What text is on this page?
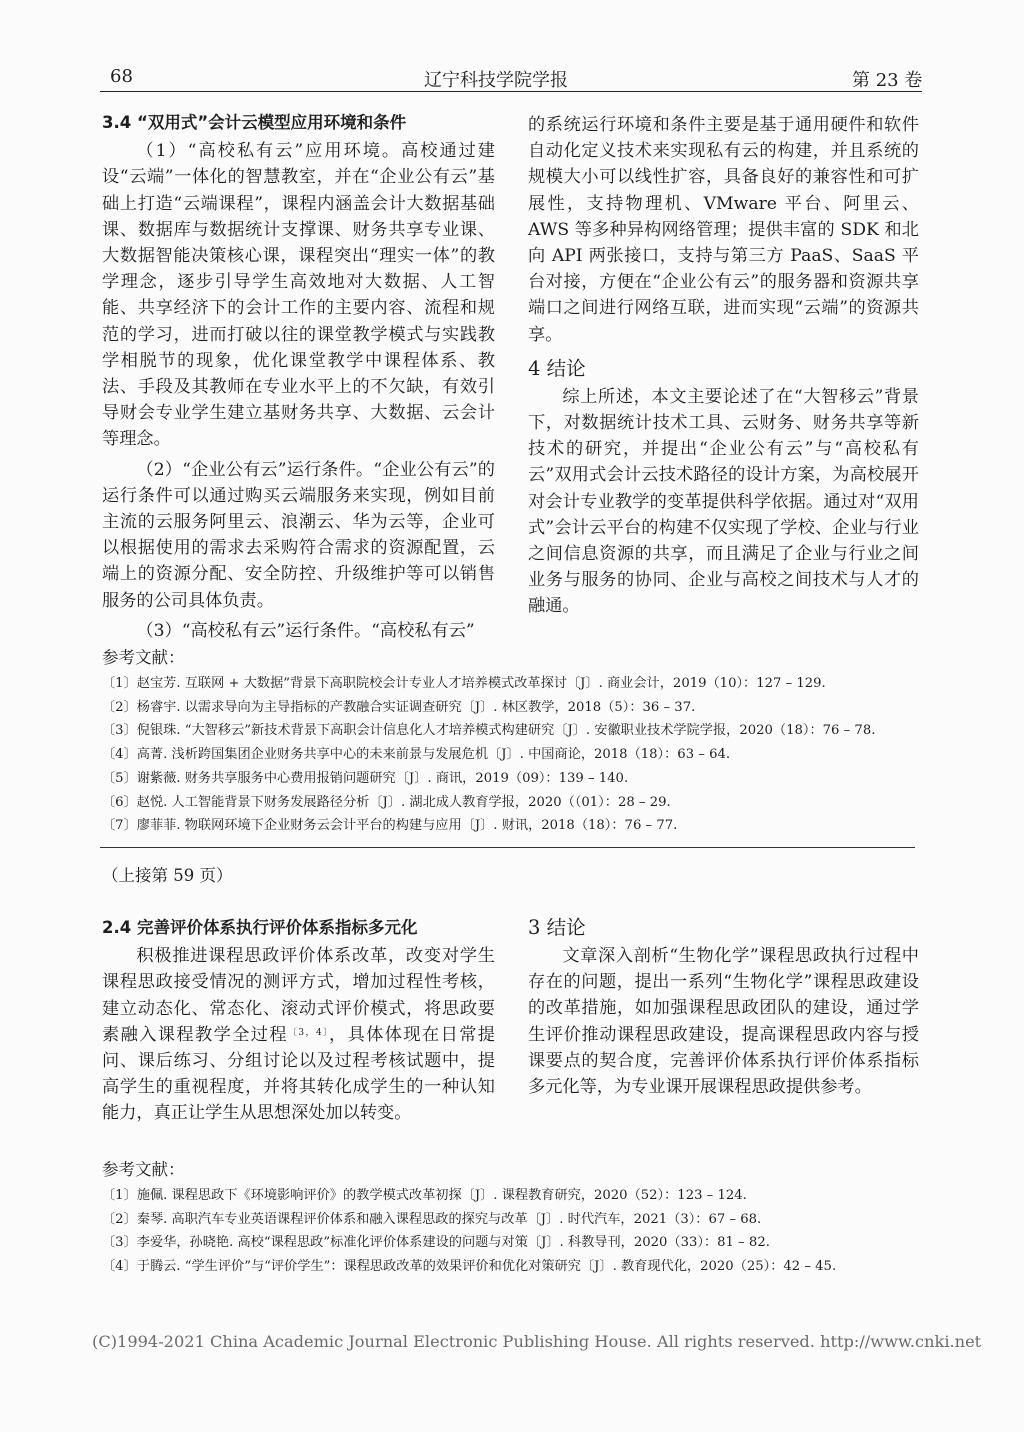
68	辽宁科技学院学报	第 23 卷
3.4 “双用式”会计云模型应用环境和条件

（1）“高校私有云”应用环境。高校通过建设“云端”一体化的智慧教室，并在“企业公有云”基础上打造“云端课程”，课程内涵盖会计大数据基础课、数据库与数据统计支撑课、财务共享专业课、大数据智能决策核心课，课程突出“理实一体”的教学理念，逐步引导学生高效地对大数据、人工智能、共享经济下的会计工作的主要内容、流程和规范的学习，进而打破以往的课堂教学模式与实践教学相脱节的现象，优化课堂教学中课程体系、教法、手段及其教师在专业水平上的不欠缺，有效引导财会专业学生建立基财务共享、大数据、云会计等理念。

（2）“企业公有云”运行条件。“企业公有云”的运行条件可以通过购买云端服务来实现，例如目前主流的云服务阿里云、浪潮云、华为云等，企业可以根据使用的需求去采购符合需求的资源配置，云端上的资源分配、安全防控、升级维护等可以销售服务的公司具体负责。

（3）“高校私有云”运行条件。“高校私有云”

的系统运行环境和条件主要是基于通用硬件和软件自动化定义技术来实现私有云的构建，并且系统的规模大小可以线性扩容，具备良好的兼容性和可扩展性，支持物理机、VMware 平台、阿里云、AWS 等多种异构网络管理；提供丰富的 SDK 和北向 API 两张接口，支持与第三方 PaaS、SaaS 平台对接，方便在“企业公有云”的服务器和资源共享端口之间进行网络互联，进而实现“云端”的资源共享。

4 结论

综上所述，本文主要论述了在“大智移云”背景下，对数据统计技术工具、云财务、财务共享等新技术的研究，并提出“企业公有云”与“高校私有云”双用式会计云技术路径的设计方案，为高校展开对会计专业教学的变革提供科学依据。通过对“双用式”会计云平台的构建不仅实现了学校、企业与行业之间信息资源的共享，而且满足了企业与行业之间业务与服务的协同、企业与高校之间技术与人才的融通。

参考文献：
〔1〕赵宝芳. 互联网 + 大数据”背景下高职院校会计专业人才培养模式改革探讨〔J〕. 商业会计，2019（10）：127 – 129.
〔2〕杨睿宇. 以需求导向为主导指标的产教融合实证调查研究〔J〕. 林区教学，2018（5）：36 – 37.
〔3〕倪银珠. “大智移云”新技术背景下高职会计信息化人才培养模式构建研究〔J〕. 安徽职业技术学院学报，2020（18）：76 – 78.
〔4〕高菁. 浅析跨国集团企业财务共享中心的未来前景与发展危机〔J〕. 中国商论，2018（18）：63 – 64.
〔5〕谢紫薇. 财务共享服务中心费用报销问题研究〔J〕. 商讯，2019（09）：139 – 140.
〔6〕赵悦. 人工智能背景下财务发展路径分析〔J〕. 湖北成人教育学报，2020（（01）：28 – 29.
〔7〕廖菲菲. 物联网环境下企业财务云会计平台的构建与应用〔J〕. 财讯，2018（18）：76 – 77.
（上接第 59 页）
2.4 完善评价体系执行评价体系指标多元化

积极推进课程思政评价体系改革，改变对学生课程思政接受情况的测评方式，增加过程性考核，建立动态化、常态化、滚动式评价模式，将思政要素融入课程教学全过程$^{〔3,4〕}$，具体体现在日常提问、课后练习、分组讨论以及过程考核试题中，提高学生的重视程度，并将其转化成学生的一种认知能力，真正让学生从思想深处加以转变。

3 结论

文章深入剖析“生物化学”课程思政执行过程中存在的问题，提出一系列“生物化学”课程思政建设的改革措施，如加强课程思政团队的建设，通过学生评价推动课程思政建设，提高课程思政内容与授课要点的契合度，完善评价体系执行评价体系指标多元化等，为专业课开展课程思政提供参考。

参考文献：
〔1〕施佩. 课程思政下《环境影响评价》的教学模式改革初探〔J〕. 课程教育研究，2020（52）：123 – 124.
〔2〕秦琴. 高职汽车专业英语课程评价体系和融入课程思政的探究与改革〔J〕. 时代汽车，2021（3）：67 – 68.
〔3〕李爱华，孙晓艳. 高校“课程思政”标准化评价体系建设的问题与对策〔J〕. 科教导刊，2020（33）：81 – 82.
〔4〕于腾云. “学生评价”与“评价学生”：课程思政改革的效果评价和优化对策研究〔J〕. 教育现代化，2020（25）：42 – 45.
(C)1994-2021 China Academic Journal Electronic Publishing House. All rights reserved. http://www.cnki.net
